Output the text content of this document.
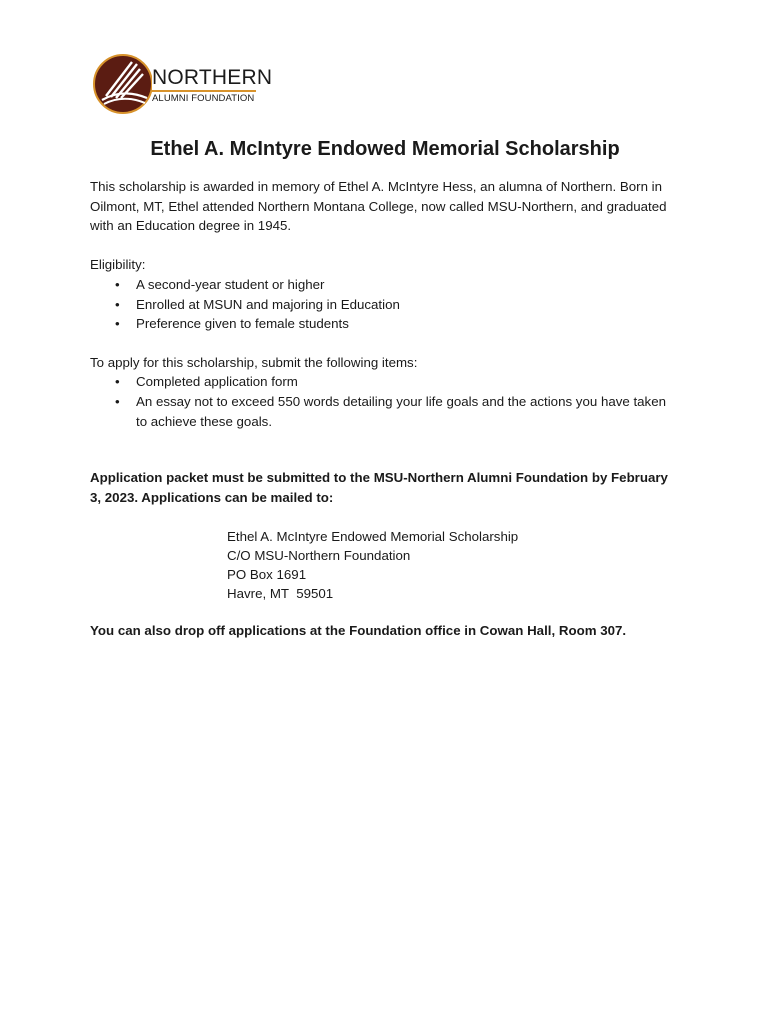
NORTHERN
ALUMNI FOUNDATION
Ethel A. McIntyre Endowed Memorial Scholarship

This scholarship is awarded in memory of Ethel A. McIntyre Hess, an alumna of Northern. Born in Oilmont, MT, Ethel attended Northern Montana College, now called MSU-Northern, and graduated with an Education degree in 1945.

Eligibility:

• A second-year student or higher
• Enrolled at MSUN and majoring in Education
• Preference given to female students

To apply for this scholarship, submit the following items:

• Completed application form
• An essay not to exceed 550 words detailing your life goals and the actions you have taken to achieve these goals.

Application packet must be submitted to the MSU-Northern Alumni Foundation by February 3, 2023. Applications can be mailed to:

Ethel A. McIntyre Endowed Memorial Scholarship
C/O MSU-Northern Foundation
PO Box 1691
Havre, MT  59501

You can also drop off applications at the Foundation office in Cowan Hall, Room 307.
